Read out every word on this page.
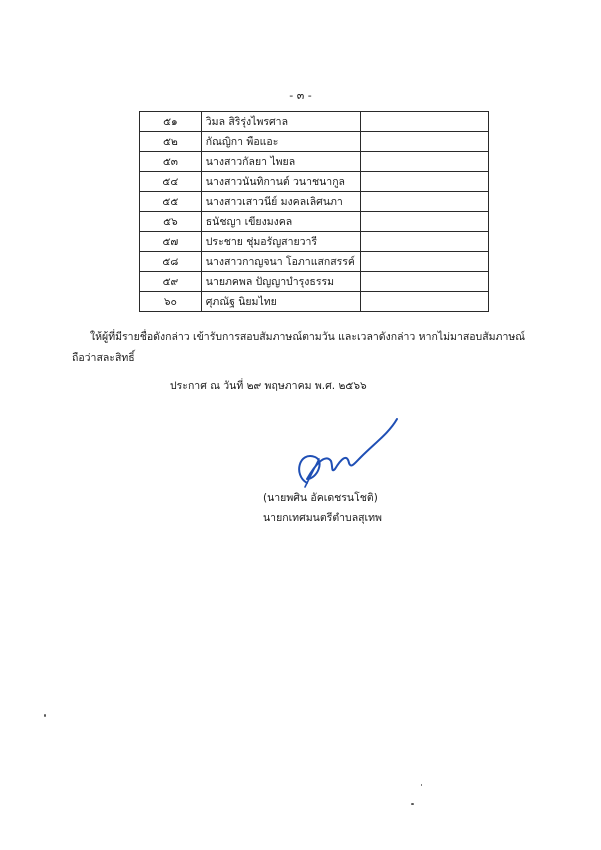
- ๓ -
๕๑	วิมล สิริรุ่งไพรศาล	
๕๒	กัณญิกา พือแอะ	
๕๓	นางสาวกัลยา ไพยล	
๕๔	นางสาวนันทิกานต์ วนาชนากูล	
๕๕	นางสาวเสาวนีย์ มงคลเลิศนภา	
๕๖	ธนัชญา เขียงมงคล	
๕๗	ประชาย ชุ่มอรัญสายวารี	
๕๘	นางสาวกาญจนา โอภาแสกสรรค์	
๕๙	นายภคพล ปัญญาบำรุงธรรม	
๖๐	ศุภณัฐ นิยมไทย	
ให้ผู้ที่มีรายชื่อดังกล่าว เข้ารับการสอบสัมภาษณ์ตามวัน และเวลาดังกล่าว หากไม่มาสอบสัมภาษณ์
ถือว่าสละสิทธิ์
ประกาศ ณ วันที่ ๒๙ พฤษภาคม พ.ศ. ๒๕๖๖
(นายพศิน อัคเดชรนโชติ)
นายกเทศมนตรีตำบลสุเทพ
